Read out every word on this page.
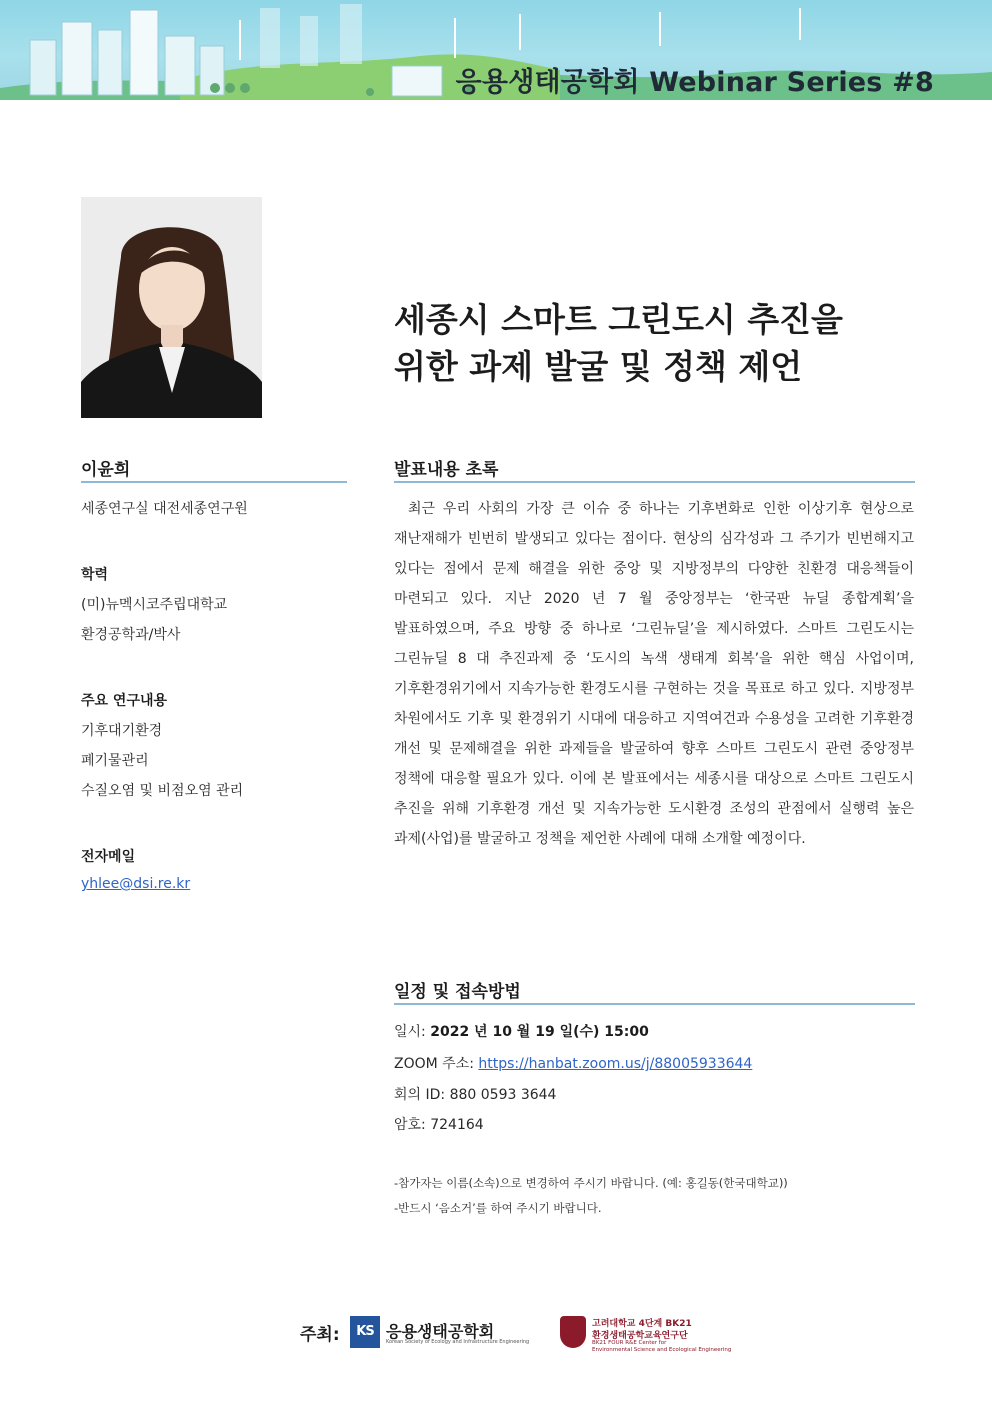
응용생태공학회 Webinar Series #8
세종시 스마트 그린도시 추진을
위한 과제 발굴 및 정책 제언
이윤희
세종연구실 대전세종연구원
학력
(미)뉴멕시코주립대학교
환경공학과/박사
주요 연구내용
기후대기환경
폐기물관리
수질오염 및 비점오염 관리
전자메일
yhlee@dsi.re.kr
발표내용 초록
최근 우리 사회의 가장 큰 이슈 중 하나는 기후변화로 인한 이상기후 현상으로 재난재해가 빈번히 발생되고 있다는 점이다. 현상의 심각성과 그 주기가 빈번해지고 있다는 점에서 문제 해결을 위한 중앙 및 지방정부의 다양한 친환경 대응책들이 마련되고 있다. 지난 2020 년 7 월 중앙정부는 ‘한국판 뉴딜 종합계획’을 발표하였으며, 주요 방향 중 하나로 ‘그린뉴딜’을 제시하였다. 스마트 그린도시는 그린뉴딜 8 대 추진과제 중 ‘도시의 녹색 생태계 회복’을 위한 핵심 사업이며, 기후환경위기에서 지속가능한 환경도시를 구현하는 것을 목표로 하고 있다. 지방정부 차원에서도 기후 및 환경위기 시대에 대응하고 지역여건과 수용성을 고려한 기후환경 개선 및 문제해결을 위한 과제들을 발굴하여 향후 스마트 그린도시 관련 중앙정부 정책에 대응할 필요가 있다. 이에 본 발표에서는 세종시를 대상으로 스마트 그린도시 추진을 위해 기후환경 개선 및 지속가능한 도시환경 조성의 관점에서 실행력 높은 과제(사업)를 발굴하고 정책을 제언한 사례에 대해 소개할 예정이다.
일정 및 접속방법
일시: 2022 년 10 월 19 일(수) 15:00
ZOOM 주소: https://hanbat.zoom.us/j/88005933644
회의 ID: 880 0593 3644
암호: 724164
-참가자는 이름(소속)으로 변경하여 주시기 바랍니다. (예: 홍길동(한국대학교))
-반드시 ‘음소거’를 하여 주시기 바랍니다.
주최:	KS 응용생태공학회
Korean Society of Ecology and Infrastructure Engineering
고려대학교 4단계 BK21
환경생태공학교육연구단
BK21 FOUR R&E Center for
Environmental Science and Ecological Engineering
